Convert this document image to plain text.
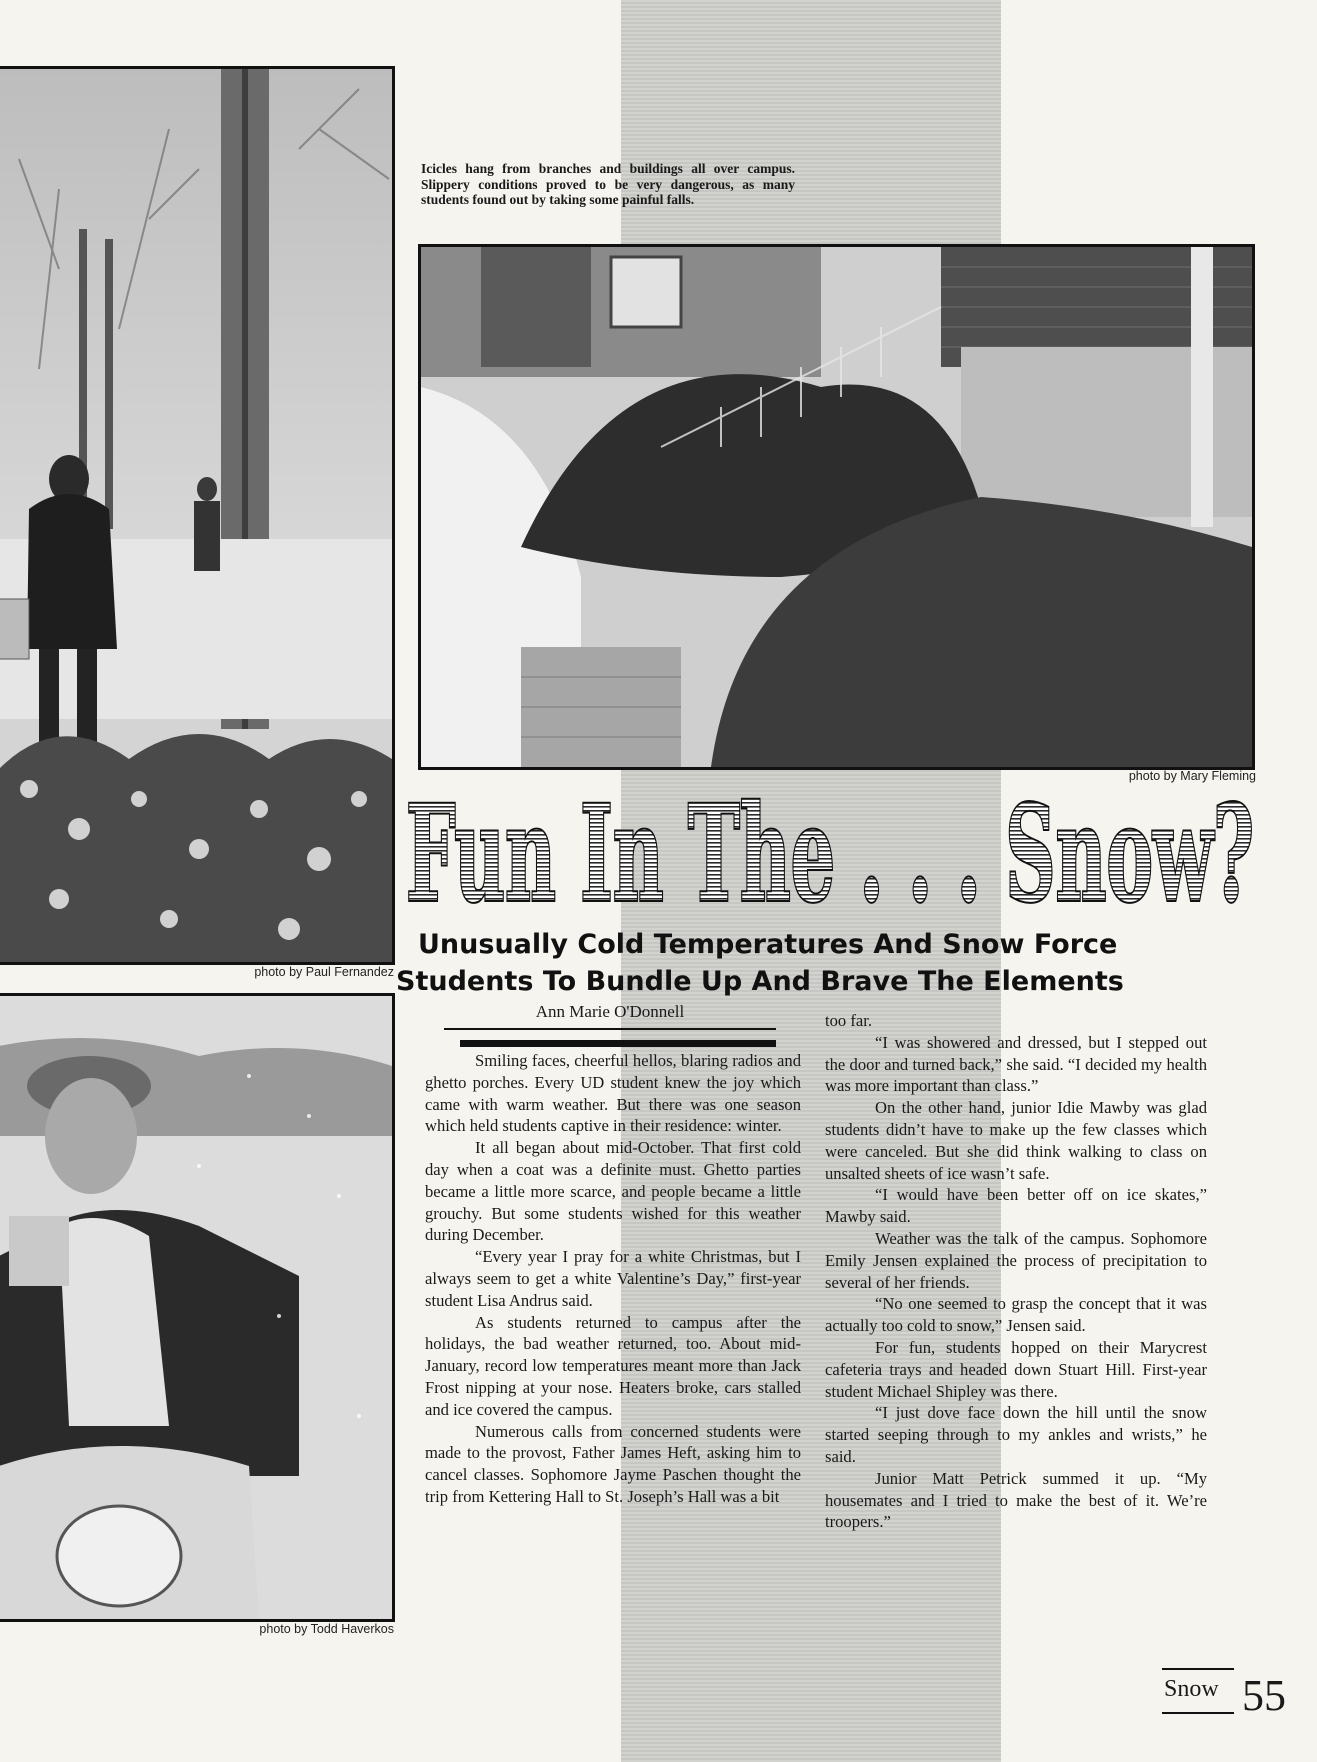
photo by Paul Fernandez
Icicles hang from branches and buildings all over campus. Slippery conditions proved to be very dangerous, as many students found out by taking some painful falls.
photo by Mary Fleming
photo by Todd Haverkos
Fun In The . . . Snow?
Unusually Cold Temperatures And Snow Force
Students To Bundle Up And Brave The Elements
Ann Marie O'Donnell

Smiling faces, cheerful hellos, blaring radios and ghetto porches. Every UD student knew the joy which came with warm weather. But there was one season which held students captive in their residence: winter.

It all began about mid-October. That first cold day when a coat was a definite must. Ghetto parties became a little more scarce, and people became a little grouchy. But some students wished for this weather during December.

“Every year I pray for a white Christmas, but I always seem to get a white Valentine’s Day,” first-year student Lisa Andrus said.

As students returned to campus after the holidays, the bad weather returned, too. About mid-January, record low temperatures meant more than Jack Frost nipping at your nose. Heaters broke, cars stalled and ice covered the campus.

Numerous calls from concerned students were made to the provost, Father James Heft, asking him to cancel classes. Sophomore Jayme Paschen thought the trip from Kettering Hall to St. Joseph’s Hall was a bit

too far.

“I was showered and dressed, but I stepped out the door and turned back,” she said. “I decided my health was more important than class.”

On the other hand, junior Idie Mawby was glad students didn’t have to make up the few classes which were canceled. But she did think walking to class on unsalted sheets of ice wasn’t safe.

“I would have been better off on ice skates,” Mawby said.

Weather was the talk of the campus. Sophomore Emily Jensen explained the process of precipitation to several of her friends.

“No one seemed to grasp the concept that it was actually too cold to snow,” Jensen said.

For fun, students hopped on their Marycrest cafeteria trays and headed down Stuart Hill. First-year student Michael Shipley was there.

“I just dove face down the hill until the snow started seeping through to my ankles and wrists,” he said.

Junior Matt Petrick summed it up. “My housemates and I tried to make the best of it. We’re troopers.”

Snow 55
